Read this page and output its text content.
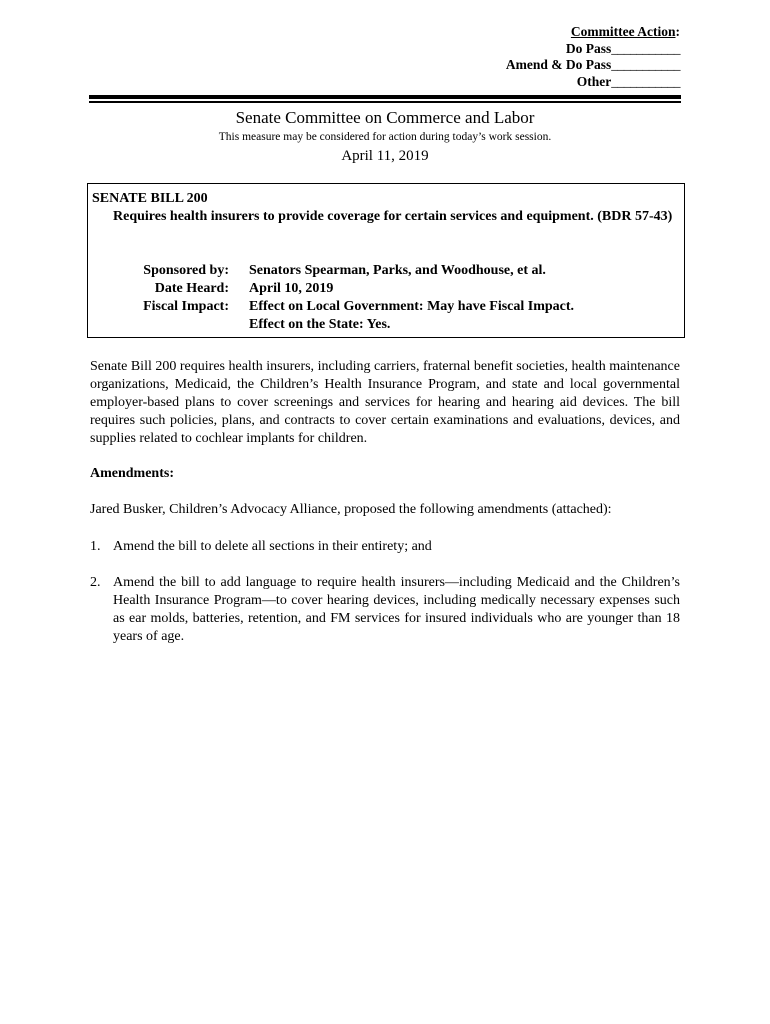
Committee Action:
Do Pass___________
Amend & Do Pass___________
Other___________
Senate Committee on Commerce and Labor
This measure may be considered for action during today’s work session.
April 11, 2019
SENATE BILL 200
Requires health insurers to provide coverage for certain services and equipment. (BDR 57-43)
Sponsored by: Senators Spearman, Parks, and Woodhouse, et al.
Date Heard: April 10, 2019
Fiscal Impact: Effect on Local Government: May have Fiscal Impact.
Effect on the State: Yes.
Senate Bill 200 requires health insurers, including carriers, fraternal benefit societies, health maintenance organizations, Medicaid, the Children’s Health Insurance Program, and state and local governmental employer-based plans to cover screenings and services for hearing and hearing aid devices. The bill requires such policies, plans, and contracts to cover certain examinations and evaluations, devices, and supplies related to cochlear implants for children.
Amendments:
Jared Busker, Children’s Advocacy Alliance, proposed the following amendments (attached):
1. Amend the bill to delete all sections in their entirety; and
2. Amend the bill to add language to require health insurers—including Medicaid and the Children’s Health Insurance Program—to cover hearing devices, including medically necessary expenses such as ear molds, batteries, retention, and FM services for insured individuals who are younger than 18 years of age.
